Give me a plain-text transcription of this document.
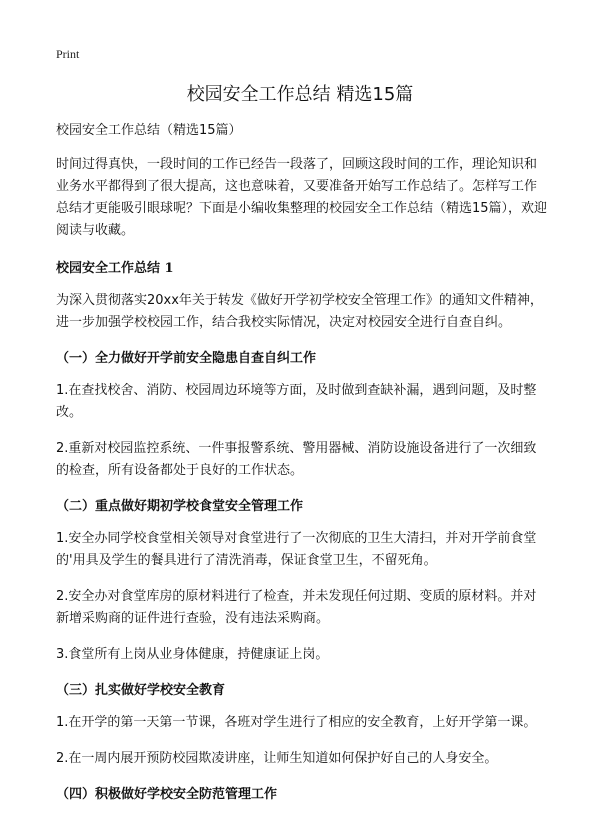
Print
校园安全工作总结 精选15篇

校园安全工作总结（精选15篇）

时间过得真快，一段时间的工作已经告一段落了，回顾这段时间的工作，理论知识和业务水平都得到了很大提高，这也意味着，又要准备开始写工作总结了。怎样写工作总结才更能吸引眼球呢？下面是小编收集整理的校园安全工作总结（精选15篇），欢迎阅读与收藏。

校园安全工作总结 1

为深入贯彻落实20xx年关于转发《做好开学初学校安全管理工作》的通知文件精神，进一步加强学校校园工作，结合我校实际情况，决定对校园安全进行自查自纠。

（一）全力做好开学前安全隐患自查自纠工作

1.在查找校舍、消防、校园周边环境等方面，及时做到查缺补漏，遇到问题，及时整改。

2.重新对校园监控系统、一件事报警系统、警用器械、消防设施设备进行了一次细致的检查，所有设备都处于良好的工作状态。

（二）重点做好期初学校食堂安全管理工作

1.安全办同学校食堂相关领导对食堂进行了一次彻底的卫生大清扫，并对开学前食堂的'用具及学生的餐具进行了清洗消毒，保证食堂卫生，不留死角。

2.安全办对食堂库房的原材料进行了检查，并未发现任何过期、变质的原材料。并对新增采购商的证件进行查验，没有违法采购商。

3.食堂所有上岗从业身体健康，持健康证上岗。

（三）扎实做好学校安全教育

1.在开学的第一天第一节课，各班对学生进行了相应的安全教育，上好开学第一课。

2.在一周内展开预防校园欺凌讲座，让师生知道如何保护好自己的人身安全。

（四）积极做好学校安全防范管理工作
